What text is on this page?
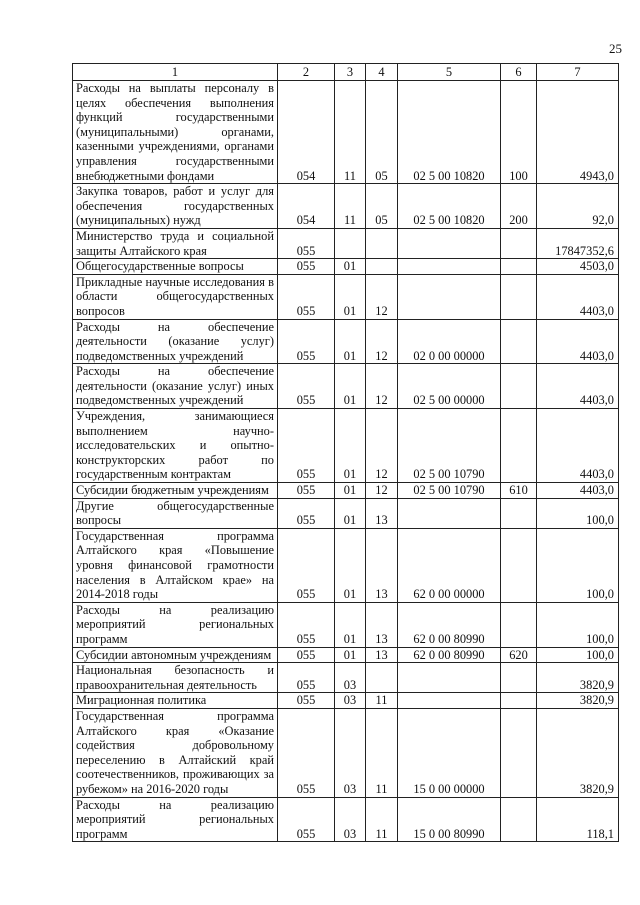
25
1	2	3	4	5	6	7
Расходы на выплаты персоналу в целях обеспечения выполнения функций государственными (муниципальными) органами, казенными учреждениями, органами управления государственными внебюджетными фондами	054	11	05	02 5 00 10820	100	4943,0
Закупка товаров, работ и услуг для обеспечения государственных (муниципальных) нужд	054	11	05	02 5 00 10820	200	92,0
Министерство труда и социальной защиты Алтайского края	055					17847352,6
Общегосударственные вопросы	055	01				4503,0
Прикладные научные исследования в области общегосударственных вопросов	055	01	12			4403,0
Расходы на обеспечение деятельности (оказание услуг) подведомственных учреждений	055	01	12	02 0 00 00000		4403,0
Расходы на обеспечение деятельности (оказание услуг) иных подведомственных учреждений	055	01	12	02 5 00 00000		4403,0
Учреждения, занимающиеся выполнением научно-исследовательских и опытно-конструкторских работ по государственным контрактам	055	01	12	02 5 00 10790		4403,0
Субсидии бюджетным учреждениям	055	01	12	02 5 00 10790	610	4403,0
Другие общегосударственные вопросы	055	01	13			100,0
Государственная программа Алтайского края «Повышение уровня финансовой грамотности населения в Алтайском крае» на 2014-2018 годы	055	01	13	62 0 00 00000		100,0
Расходы на реализацию мероприятий региональных программ	055	01	13	62 0 00 80990		100,0
Субсидии автономным учреждениям	055	01	13	62 0 00 80990	620	100,0
Национальная безопасность и правоохранительная деятельность	055	03				3820,9
Миграционная политика	055	03	11			3820,9
Государственная программа Алтайского края «Оказание содействия добровольному переселению в Алтайский край соотечественников, проживающих за рубежом» на 2016-2020 годы	055	03	11	15 0 00 00000		3820,9
Расходы на реализацию мероприятий региональных программ	055	03	11	15 0 00 80990		118,1
